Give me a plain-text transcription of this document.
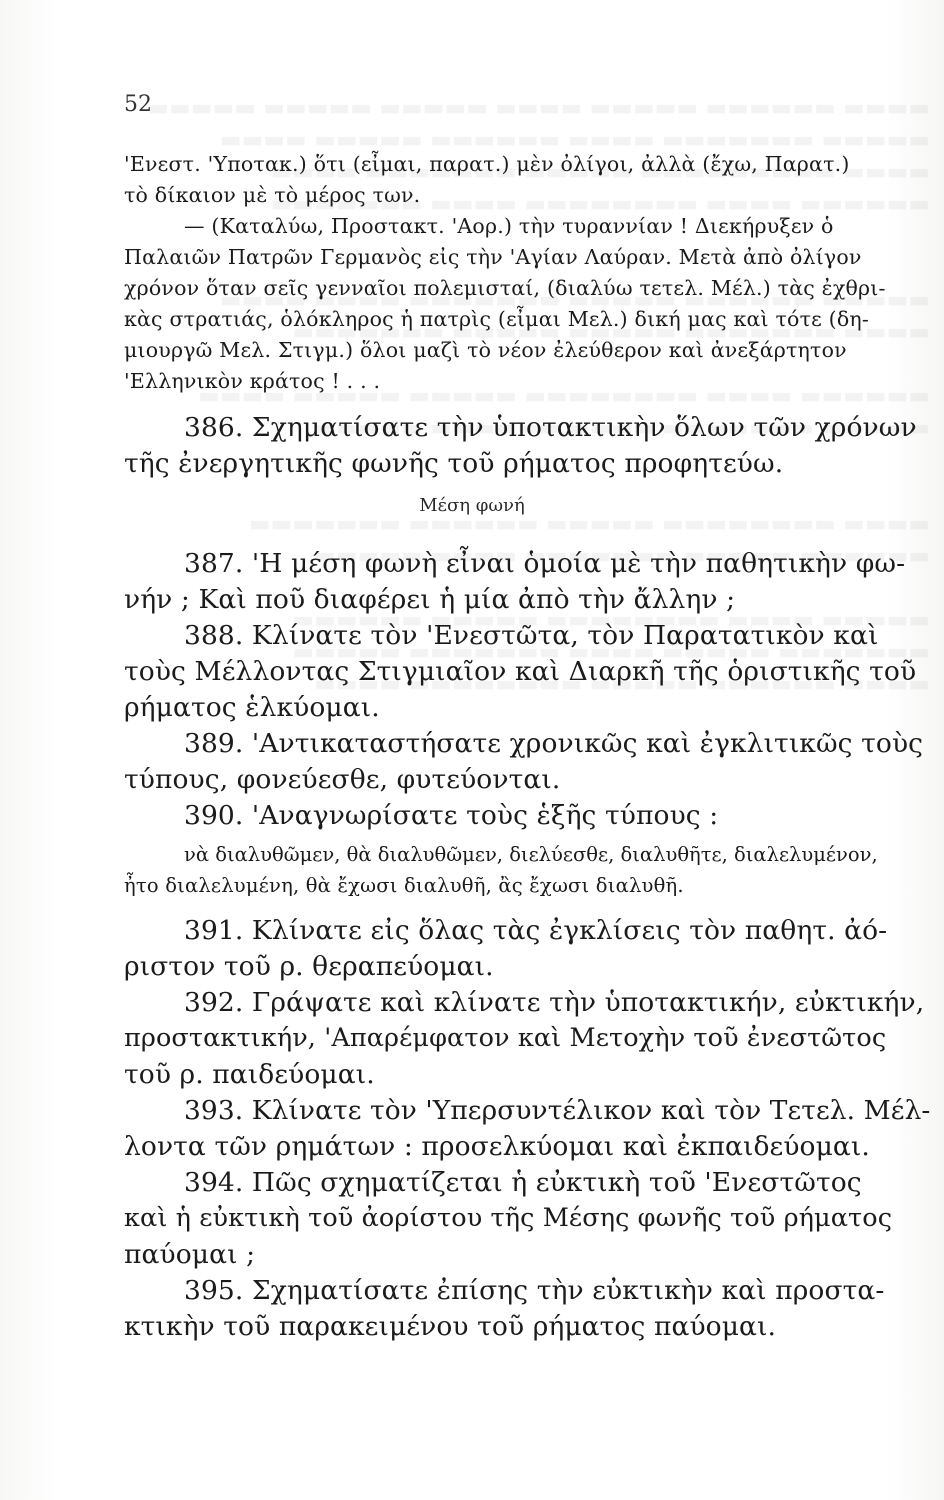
52
'Ενεστ. 'Υποτακ.) ὅτι (εἶμαι, παρατ.) μὲν ὀλίγοι, ἀλλὰ (ἔχω, Παρατ.)
τὸ δίκαιον μὲ τὸ μέρος των.
— (Καταλύω, Προστακτ. 'Αορ.) τὴν τυραννίαν ! Διεκήρυξεν ὁ
Παλαιῶν Πατρῶν Γερμανὸς εἰς τὴν 'Αγίαν Λαύραν. Μετὰ ἀπὸ ὀλίγον
χρόνον ὅταν σεῖς γενναῖοι πολεμισταί, (διαλύω τετελ. Μέλ.) τὰς ἐχθρι-
κὰς στρατιάς, ὁλόκληρος ἡ πατρὶς (εἶμαι Μελ.) δική μας καὶ τότε (δη-
μιουργῶ Μελ. Στιγμ.) ὅλοι μαζὶ τὸ νέον ἐλεύθερον καὶ ἀνεξάρτητον
'Ελληνικὸν κράτος ! . . .
386. Σχηματίσατε τὴν ὑποτακτικὴν ὅλων τῶν χρόνων
τῆς ἐνεργητικῆς φωνῆς τοῦ ρήματος προφητεύω.
Μέση φωνή
387. 'Η μέση φωνὴ εἶναι ὁμοία μὲ τὴν παθητικὴν φω-
νήν ; Καὶ ποῦ διαφέρει ἡ μία ἀπὸ τὴν ἄλλην ;
388. Κλίνατε τὸν 'Ενεστῶτα, τὸν Παρατατικὸν καὶ
τοὺς Μέλλοντας Στιγμιαῖον καὶ Διαρκῆ τῆς ὁριστικῆς τοῦ
ρήματος ἑλκύομαι.
389. 'Αντικαταστήσατε χρονικῶς καὶ ἐγκλιτικῶς τοὺς
τύπους, φονεύεσθε, φυτεύονται.
390. 'Αναγνωρίσατε τοὺς ἑξῆς τύπους :
νὰ διαλυθῶμεν, θὰ διαλυθῶμεν, διελύεσθε, διαλυθῆτε, διαλελυμένον,
ἦτο διαλελυμένη, θὰ ἔχωσι διαλυθῆ, ἂς ἔχωσι διαλυθῆ.
391. Κλίνατε εἰς ὅλας τὰς ἐγκλίσεις τὸν παθητ. ἀό-
ριστον τοῦ ρ. θεραπεύομαι.
392. Γράψατε καὶ κλίνατε τὴν ὑποτακτικήν, εὐκτικήν,
προστακτικήν, 'Απαρέμφατον καὶ Μετοχὴν τοῦ ἐνεστῶτος
τοῦ ρ. παιδεύομαι.
393. Κλίνατε τὸν 'Υπερσυντέλικον καὶ τὸν Τετελ. Μέλ-
λοντα τῶν ρημάτων : προσελκύομαι καὶ ἐκπαιδεύομαι.
394. Πῶς σχηματίζεται ἡ εὐκτικὴ τοῦ 'Ενεστῶτος
καὶ ἡ εὐκτικὴ τοῦ ἀορίστου τῆς Μέσης φωνῆς τοῦ ρήματος
παύομαι ;
395. Σχηματίσατε ἐπίσης τὴν εὐκτικὴν καὶ προστα-
κτικὴν τοῦ παρακειμένου τοῦ ρήματος παύομαι.
